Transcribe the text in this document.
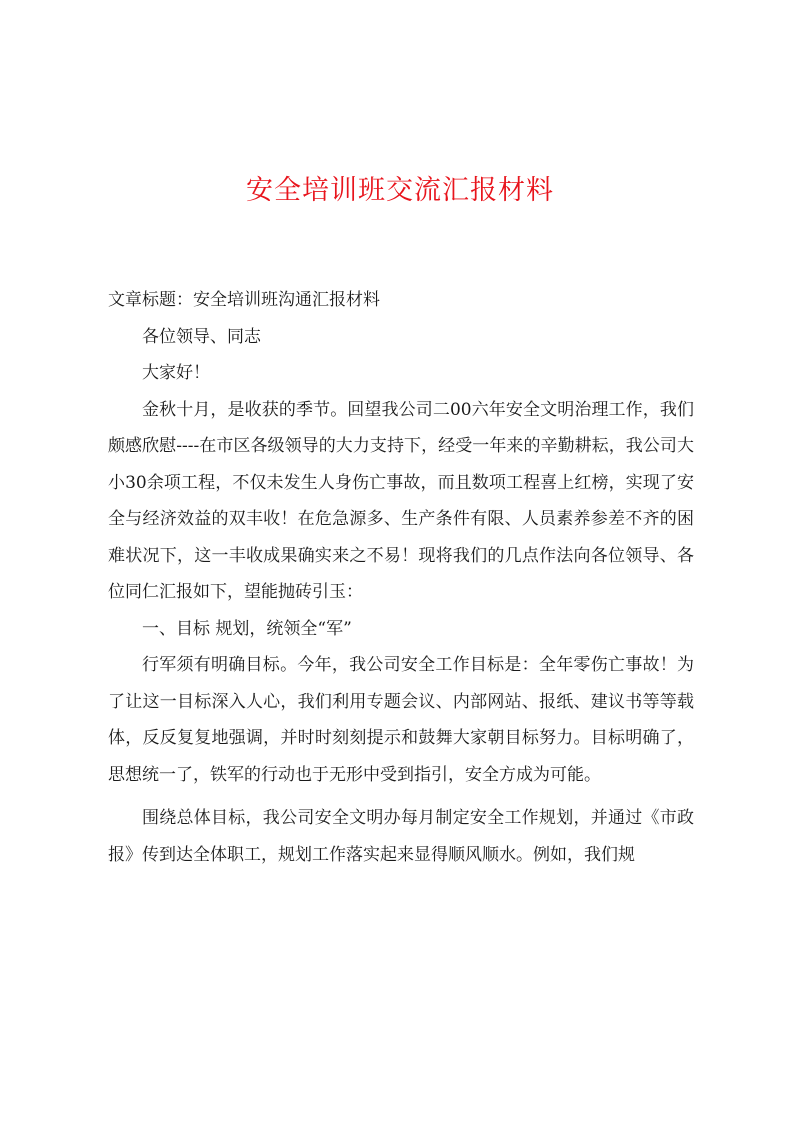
安全培训班交流汇报材料

文章标题：安全培训班沟通汇报材料

各位领导、同志

大家好！

金秋十月，是收获的季节。回望我公司二00六年安全文明治理工作，我们颇感欣慰----在市区各级领导的大力支持下，经受一年来的辛勤耕耘，我公司大小30余项工程，不仅未发生人身伤亡事故，而且数项工程喜上红榜，实现了安全与经济效益的双丰收！在危急源多、生产条件有限、人员素养参差不齐的困难状况下，这一丰收成果确实来之不易！现将我们的几点作法向各位领导、各位同仁汇报如下，望能抛砖引玉：

一、目标 规划，统领全“军”

行军须有明确目标。今年，我公司安全工作目标是：全年零伤亡事故！为了让这一目标深入人心，我们利用专题会议、内部网站、报纸、建议书等等载体，反反复复地强调，并时时刻刻提示和鼓舞大家朝目标努力。目标明确了，思想统一了，铁军的行动也于无形中受到指引，安全方成为可能。

围绕总体目标，我公司安全文明办每月制定安全工作规划，并通过《市政报》传到达全体职工，规划工作落实起来显得顺风顺水。例如，我们规
